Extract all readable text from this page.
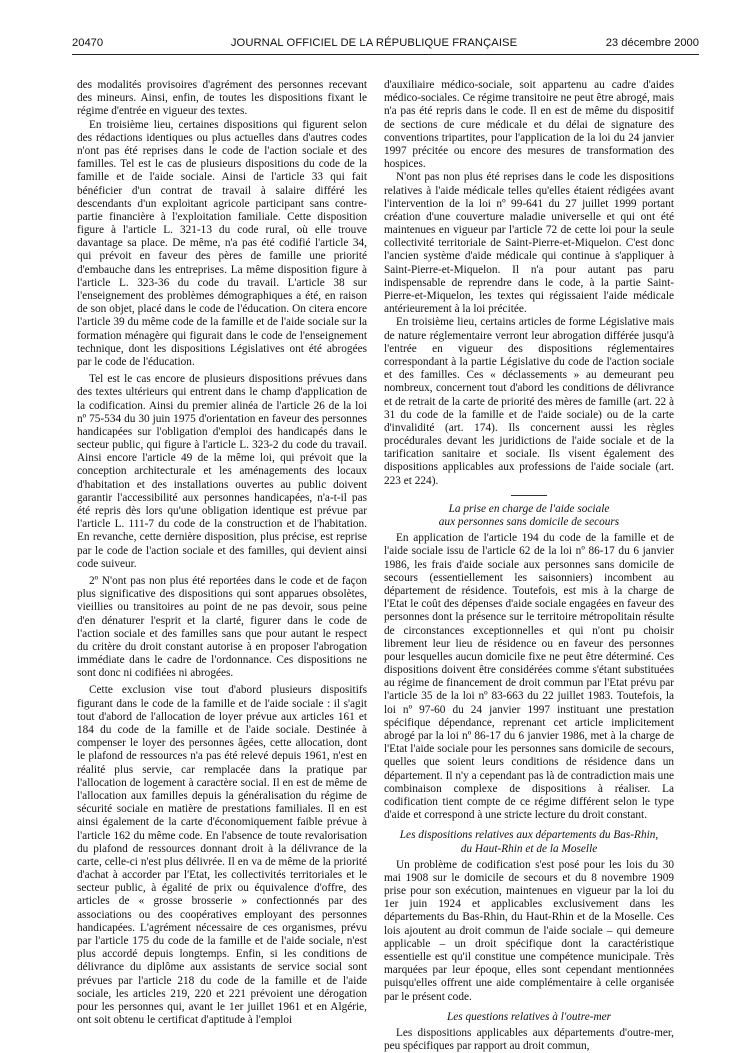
JOURNAL OFFICIEL DE LA RÉPUBLIQUE FRANÇAISE
20470	23 décembre 2000

des modalités provisoires d'agrément des personnes recevant des mineurs. Ainsi, enfin, de toutes les dispositions fixant le régime d'entrée en vigueur des textes.

En troisième lieu, certaines dispositions qui figurent selon des rédactions identiques ou plus actuelles dans d'autres codes n'ont pas été reprises dans le code de l'action sociale et des familles. Tel est le cas de plusieurs dispositions du code de la famille et de l'aide sociale. Ainsi de l'article 33 qui fait bénéficier d'un contrat de travail à salaire différé les descendants d'un exploitant agricole participant sans contre-partie financière à l'exploitation familiale. Cette disposition figure à l'article L. 321-13 du code rural, où elle trouve davantage sa place. De même, n'a pas été codifié l'article 34, qui prévoit en faveur des pères de famille une priorité d'embauche dans les entreprises. La même disposition figure à l'article L. 323-36 du code du travail. L'article 38 sur l'enseignement des problèmes démographiques a été, en raison de son objet, placé dans le code de l'éducation. On citera encore l'article 39 du même code de la famille et de l'aide sociale sur la formation ménagère qui figurait dans le code de l'enseignement technique, dont les dispositions Législatives ont été abrogées par le code de l'éducation.

Tel est le cas encore de plusieurs dispositions prévues dans des textes ultérieurs qui entrent dans le champ d'application de la codification. Ainsi du premier alinéa de l'article 26 de la loi nº 75-534 du 30 juin 1975 d'orientation en faveur des personnes handicapées sur l'obligation d'emploi des handicapés dans le secteur public, qui figure à l'article L. 323-2 du code du travail. Ainsi encore l'article 49 de la même loi, qui prévoit que la conception architecturale et les aménagements des locaux d'habitation et des installations ouvertes au public doivent garantir l'accessibilité aux personnes handicapées, n'a-t-il pas été repris dès lors qu'une obligation identique est prévue par l'article L. 111-7 du code de la construction et de l'habitation. En revanche, cette dernière disposition, plus précise, est reprise par le code de l'action sociale et des familles, qui devient ainsi code suiveur.

2º N'ont pas non plus été reportées dans le code et de façon plus significative des dispositions qui sont apparues obsolètes, vieillies ou transitoires au point de ne pas devoir, sous peine d'en dénaturer l'esprit et la clarté, figurer dans le code de l'action sociale et des familles sans que pour autant le respect du critère du droit constant autorise à en proposer l'abrogation immédiate dans le cadre de l'ordonnance. Ces dispositions ne sont donc ni codifiées ni abrogées.

Cette exclusion vise tout d'abord plusieurs dispositifs figurant dans le code de la famille et de l'aide sociale : il s'agit tout d'abord de l'allocation de loyer prévue aux articles 161 et 184 du code de la famille et de l'aide sociale. Destinée à compenser le loyer des personnes âgées, cette allocation, dont le plafond de ressources n'a pas été relevé depuis 1961, n'est en réalité plus servie, car remplacée dans la pratique par l'allocation de logement à caractère social. Il en est de même de l'allocation aux familles depuis la généralisation du régime de sécurité sociale en matière de prestations familiales. Il en est ainsi également de la carte d'économiquement faible prévue à l'article 162 du même code. En l'absence de toute revalorisation du plafond de ressources donnant droit à la délivrance de la carte, celle-ci n'est plus délivrée. Il en va de même de la priorité d'achat à accorder par l'Etat, les collectivités territoriales et le secteur public, à égalité de prix ou équivalence d'offre, des articles de « grosse brosserie » confectionnés par des associations ou des coopératives employant des personnes handicapées. L'agrément nécessaire de ces organismes, prévu par l'article 175 du code de la famille et de l'aide sociale, n'est plus accordé depuis longtemps. Enfin, si les conditions de délivrance du diplôme aux assistants de service social sont prévues par l'article 218 du code de la famille et de l'aide sociale, les articles 219, 220 et 221 prévoient une dérogation pour les personnes qui, avant le 1er juillet 1961 et en Algérie, ont soit obtenu le certificat d'aptitude à l'emploi

d'auxiliaire médico-sociale, soit appartenu au cadre d'aides médico-sociales. Ce régime transitoire ne peut être abrogé, mais n'a pas été repris dans le code. Il en est de même du dispositif de sections de cure médicale et du délai de signature des conventions tripartites, pour l'application de la loi du 24 janvier 1997 précitée ou encore des mesures de transformation des hospices.

N'ont pas non plus été reprises dans le code les dispositions relatives à l'aide médicale telles qu'elles étaient rédigées avant l'intervention de la loi nº 99-641 du 27 juillet 1999 portant création d'une couverture maladie universelle et qui ont été maintenues en vigueur par l'article 72 de cette loi pour la seule collectivité territoriale de Saint-Pierre-et-Miquelon. C'est donc l'ancien système d'aide médicale qui continue à s'appliquer à Saint-Pierre-et-Miquelon. Il n'a pour autant pas paru indispensable de reprendre dans le code, à la partie Saint-Pierre-et-Miquelon, les textes qui régissaient l'aide médicale antérieurement à la loi précitée.

En troisième lieu, certains articles de forme Législative mais de nature réglementaire verront leur abrogation différée jusqu'à l'entrée en vigueur des dispositions réglementaires correspondant à la partie Législative du code de l'action sociale et des familles. Ces « déclassements » au demeurant peu nombreux, concernent tout d'abord les conditions de délivrance et de retrait de la carte de priorité des mères de famille (art. 22 à 31 du code de la famille et de l'aide sociale) ou de la carte d'invalidité (art. 174). Ils concernent aussi les règles procédurales devant les juridictions de l'aide sociale et de la tarification sanitaire et sociale. Ils visent également des dispositions applicables aux professions de l'aide sociale (art. 223 et 224).

La prise en charge de l'aide sociale
aux personnes sans domicile de secours

En application de l'article 194 du code de la famille et de l'aide sociale issu de l'article 62 de la loi nº 86-17 du 6 janvier 1986, les frais d'aide sociale aux personnes sans domicile de secours (essentiellement les saisonniers) incombent au département de résidence. Toutefois, est mis à la charge de l'Etat le coût des dépenses d'aide sociale engagées en faveur des personnes dont la présence sur le territoire métropolitain résulte de circonstances exceptionnelles et qui n'ont pu choisir librement leur lieu de résidence ou en faveur des personnes pour lesquelles aucun domicile fixe ne peut être déterminé. Ces dispositions doivent être considérées comme s'étant substituées au régime de financement de droit commun par l'Etat prévu par l'article 35 de la loi nº 83-663 du 22 juillet 1983. Toutefois, la loi nº 97-60 du 24 janvier 1997 instituant une prestation spécifique dépendance, reprenant cet article implicitement abrogé par la loi nº 86-17 du 6 janvier 1986, met à la charge de l'Etat l'aide sociale pour les personnes sans domicile de secours, quelles que soient leurs conditions de résidence dans un département. Il n'y a cependant pas là de contradiction mais une combinaison complexe de dispositions à réaliser. La codification tient compte de ce régime différent selon le type d'aide et correspond à une stricte lecture du droit constant.

Les dispositions relatives aux départements du Bas-Rhin,
du Haut-Rhin et de la Moselle

Un problème de codification s'est posé pour les lois du 30 mai 1908 sur le domicile de secours et du 8 novembre 1909 prise pour son exécution, maintenues en vigueur par la loi du 1er juin 1924 et applicables exclusivement dans les départements du Bas-Rhin, du Haut-Rhin et de la Moselle. Ces lois ajoutent au droit commun de l'aide sociale – qui demeure applicable – un droit spécifique dont la caractéristique essentielle est qu'il constitue une compétence municipale. Très marquées par leur époque, elles sont cependant mentionnées puisqu'elles offrent une aide complémentaire à celle organisée par le présent code.

Les questions relatives à l'outre-mer

Les dispositions applicables aux départements d'outre-mer, peu spécifiques par rapport au droit commun,
